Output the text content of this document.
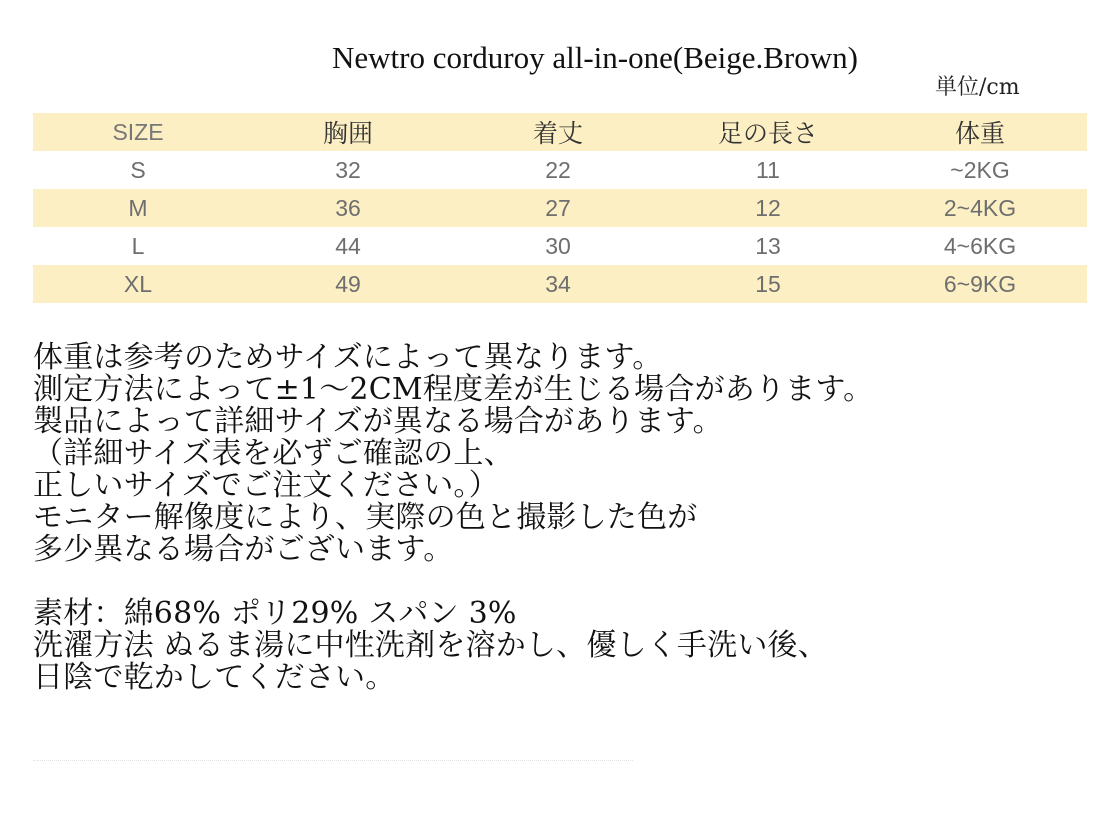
Newtro corduroy all-in-one(Beige.Brown)
単位/cm
SIZE	胸囲	着丈	足の長さ	体重
S	32	22	11	~2KG
M	36	27	12	2~4KG
L	44	30	13	4~6KG
XL	49	34	15	6~9KG
体重は参考のためサイズによって異なります。
測定方法によって±1～2CM程度差が生じる場合があります。
製品によって詳細サイズが異なる場合があります。
（詳細サイズ表を必ずご確認の上、
正しいサイズでご注文ください。）
モニター解像度により、実際の色と撮影した色が
多少異なる場合がございます。
素材：綿68% ポリ29% スパン 3%
洗濯方法 ぬるま湯に中性洗剤を溶かし、優しく手洗い後、
日陰で乾かしてください。
